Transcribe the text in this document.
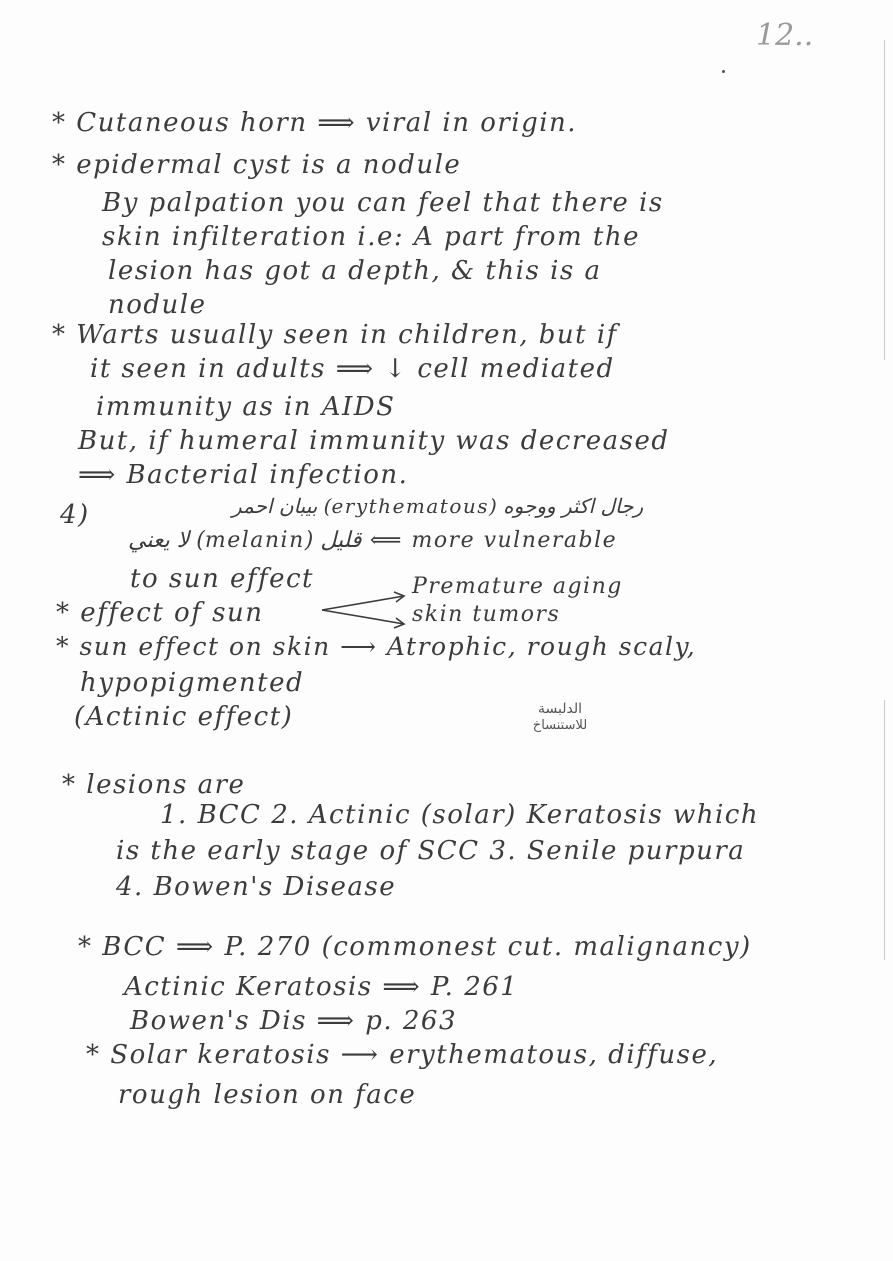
12..
* Cutaneous horn ⟹ viral in origin.
* epidermal cyst is a nodule
By palpation you can feel that there is
skin infilteration i.e: A part from the
lesion has got a depth, & this is a
nodule
* Warts usually seen in children, but if
it seen in adults ⟹ ↓ cell mediated
immunity as in AIDS
But, if humeral immunity was decreased
⟹ Bacterial infection.
4)	رجال اكثر ووجوه (erythematous) بيبان احمر
more vulnerable ⟸ قليل (melanin) لا يعني
to sun effect	Premature aging
* effect of sun	skin tumors
* sun effect on skin ⟶ Atrophic, rough scaly,
hypopigmented
(Actinic effect)	الدلبسة
للاستنساخ
* lesions are
1. BCC 2. Actinic (solar) Keratosis which
is the early stage of SCC 3. Senile purpura
4. Bowen's Disease
* BCC ⟹ P. 270 (commonest cut. malignancy)
Actinic Keratosis ⟹ P. 261
Bowen's Dis ⟹ p. 263
* Solar keratosis ⟶ erythematous, diffuse,
rough lesion on face
